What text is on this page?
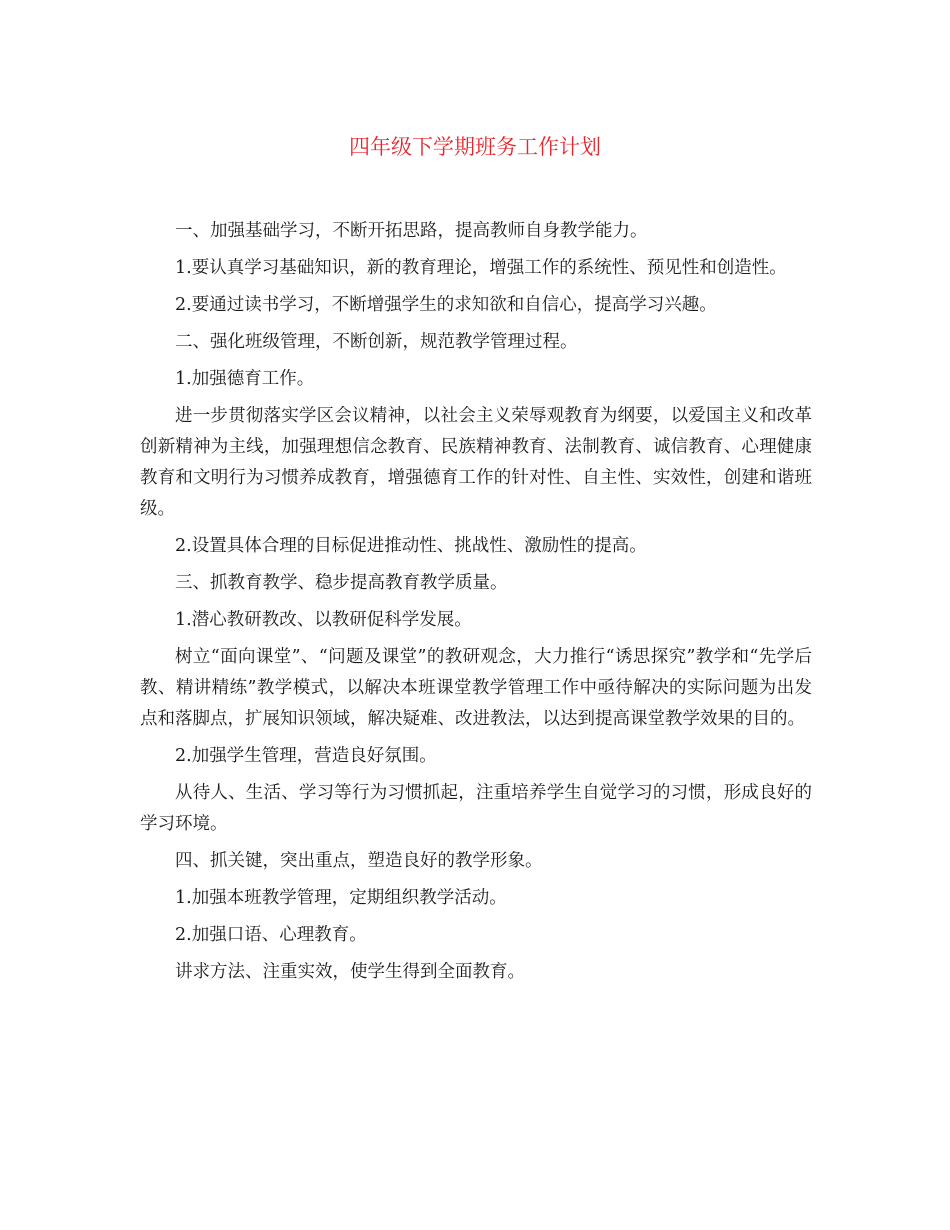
四年级下学期班务工作计划

一、加强基础学习，不断开拓思路，提高教师自身教学能力。

1.要认真学习基础知识，新的教育理论，增强工作的系统性、预见性和创造性。

2.要通过读书学习，不断增强学生的求知欲和自信心，提高学习兴趣。

二、强化班级管理，不断创新，规范教学管理过程。

1.加强德育工作。

进一步贯彻落实学区会议精神，以社会主义荣辱观教育为纲要，以爱国主义和改革创新精神为主线，加强理想信念教育、民族精神教育、法制教育、诚信教育、心理健康教育和文明行为习惯养成教育，增强德育工作的针对性、自主性、实效性，创建和谐班级。

2.设置具体合理的目标促进推动性、挑战性、激励性的提高。

三、抓教育教学、稳步提高教育教学质量。

1.潜心教研教改、以教研促科学发展。

树立“面向课堂”、“问题及课堂”的教研观念，大力推行“诱思探究”教学和“先学后教、精讲精练”教学模式，以解决本班课堂教学管理工作中亟待解决的实际问题为出发点和落脚点，扩展知识领域，解决疑难、改进教法，以达到提高课堂教学效果的目的。

2.加强学生管理，营造良好氛围。

从待人、生活、学习等行为习惯抓起，注重培养学生自觉学习的习惯，形成良好的学习环境。

四、抓关键，突出重点，塑造良好的教学形象。

1.加强本班教学管理，定期组织教学活动。

2.加强口语、心理教育。

讲求方法、注重实效，使学生得到全面教育。
